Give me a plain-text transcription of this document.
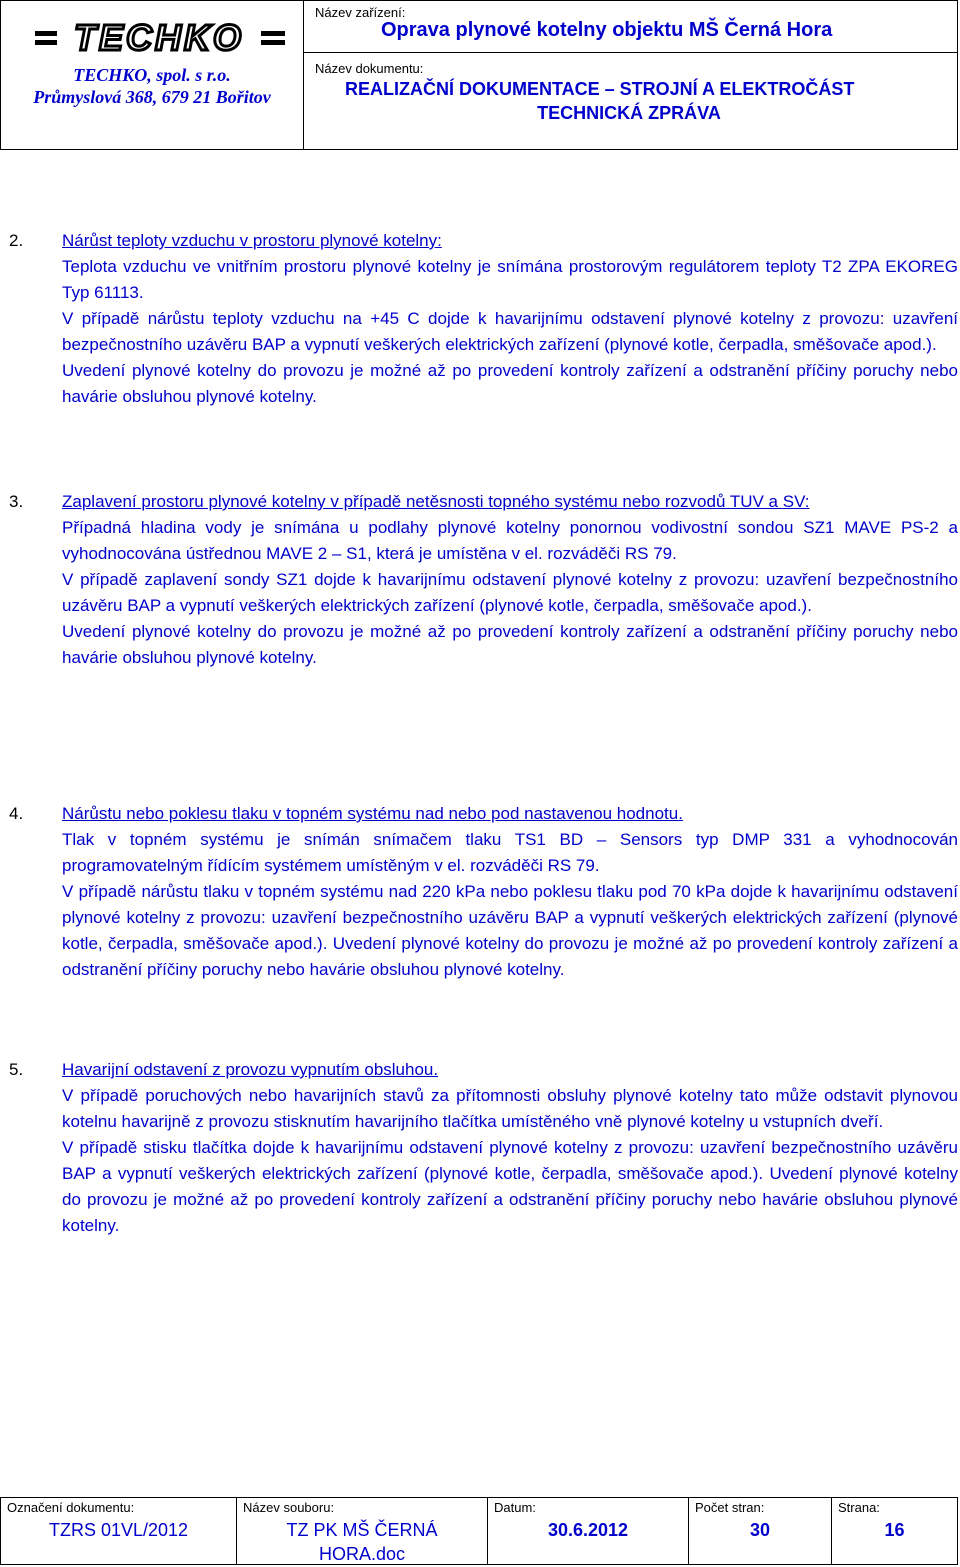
TECHKO
TECHKO, spol. s r.o.
Průmyslová 368, 679 21 Bořitov
Název zařízení:
Oprava plynové kotelny objektu MŠ Černá Hora
Název dokumentu:
REALIZAČNÍ DOKUMENTACE – STROJNÍ A ELEKTROČÁST
TECHNICKÁ ZPRÁVA
2. Nárůst teploty vzduchu v prostoru plynové kotelny:

Teplota vzduchu ve vnitřním prostoru plynové kotelny je snímána prostorovým regulátorem teploty T2 ZPA EKOREG Typ 61113.

V případě nárůstu teploty vzduchu na +45 C dojde k havarijnímu odstavení plynové kotelny z provozu: uzavření bezpečnostního uzávěru BAP a vypnutí veškerých elektrických zařízení (plynové kotle, čerpadla, směšovače apod.).

Uvedení plynové kotelny do provozu je možné až po provedení kontroly zařízení a odstranění příčiny poruchy nebo havárie obsluhou plynové kotelny.

3. Zaplavení prostoru plynové kotelny v případě netěsnosti topného systému nebo rozvodů TUV a SV:

Případná hladina vody je snímána u podlahy plynové kotelny ponornou vodivostní sondou SZ1 MAVE PS-2 a vyhodnocována ústřednou MAVE 2 – S1, která je umístěna v el. rozváděči RS 79.

V případě zaplavení sondy SZ1 dojde k havarijnímu odstavení plynové kotelny z provozu: uzavření bezpečnostního uzávěru BAP a vypnutí veškerých elektrických zařízení (plynové kotle, čerpadla, směšovače apod.).

Uvedení plynové kotelny do provozu je možné až po provedení kontroly zařízení a odstranění příčiny poruchy nebo havárie obsluhou plynové kotelny.

4. Nárůstu nebo poklesu tlaku v topném systému nad nebo pod nastavenou hodnotu.

Tlak v topném systému je snímán snímačem tlaku TS1 BD – Sensors typ DMP 331 a vyhodnocován programovatelným řídícím systémem umístěným v el. rozváděči RS 79.

V případě nárůstu tlaku v topném systému nad 220 kPa nebo poklesu tlaku pod 70 kPa dojde k havarijnímu odstavení plynové kotelny z provozu: uzavření bezpečnostního uzávěru BAP a vypnutí veškerých elektrických zařízení (plynové kotle, čerpadla, směšovače apod.). Uvedení plynové kotelny do provozu je možné až po provedení kontroly zařízení a odstranění příčiny poruchy nebo havárie obsluhou plynové kotelny.

5. Havarijní odstavení z provozu vypnutím obsluhou.

V případě poruchových nebo havarijních stavů za přítomnosti obsluhy plynové kotelny tato může odstavit plynovou kotelnu havarijně z provozu stisknutím havarijního tlačítka umístěného vně plynové kotelny u vstupních dveří.

V případě stisku tlačítka dojde k havarijnímu odstavení plynové kotelny z provozu: uzavření bezpečnostního uzávěru BAP a vypnutí veškerých elektrických zařízení (plynové kotle, čerpadla, směšovače apod.). Uvedení plynové kotelny do provozu je možné až po provedení kontroly zařízení a odstranění příčiny poruchy nebo havárie obsluhou plynové kotelny.

Označení dokumentu:
TZRS 01VL/2012
Název souboru:
TZ PK MŠ ČERNÁ
HORA.doc
Datum:
30.6.2012
Počet stran:
30
Strana:
16
